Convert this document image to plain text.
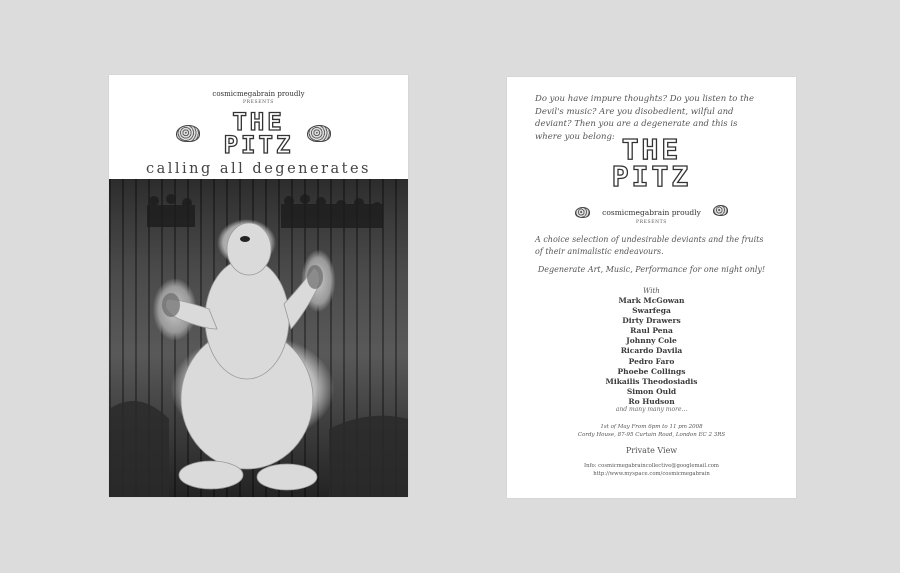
cosmicmegabrain proudly
PRESENTS
THE
PITZ
calling all degenerates
Do you have impure thoughts? Do you listen to the Devil's music? Are you disobedient, wilful and deviant? Then you are a degenerate and this is where you belong: THE
PITZ
cosmicmegabrain proudly
PRESENTS
A choice selection of undesirable deviants and the fruits of their animalistic endeavours.
Degenerate Art, Music, Performance for one night only!
With
Mark McGowan
Swarfega
Dirty Drawers
Raul Pena
Johnny Cole
Ricardo Davila
Pedro Faro
Phoebe Collings
Mikailis Theodosiadis
Simon Ould
Ro Hudson
and many many more...
1st of May From 6pm to 11 pm 2008
Cordy House, 87-95 Curtain Road, London EC 2 3RS
Private View
Info: cosmicmegabraincollective@googlemail.com
http://www.myspace.com/cosmicmegabrain
